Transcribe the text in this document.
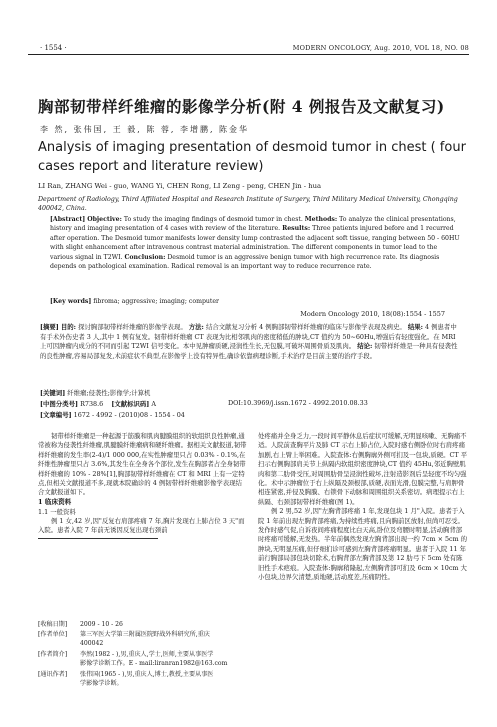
· 1554 ·	MODERN ONCOLOGY, Aug. 2010, VOL 18, NO. 08
胸部韧带样纤维瘤的影像学分析(附 4 例报告及文献复习)
李 然, 张伟国, 王 毅, 陈 蓉, 李增鹏, 陈金华
Analysis of imaging presentation of desmoid tumor in chest ( four cases report and literature review)
LI Ran, ZHANG Wei - guo, WANG Yi, CHEN Rong, LI Zeng - peng, CHEN Jin - hua
Department of Radiology, Third Affiliated Hospital and Research Institute of Surgery, Third Military Medical University, Chongqing 400042, China.
[Abstract] Objective: To study the imaging findings of desmoid tumor in chest. Methods: To analyze the clinical presentations, history and imaging presentation of 4 cases with review of the literature. Results: Three patients injured before and 1 recurred after operation. The Desmoid tumor manifests lower density lump contrasted the adjacent soft tissue, ranging between 50 - 60HU with slight enhancement after intravenous contrast material administration. The different components in tumor lead to the various signal in T2WI. Conclusion: Desmoid tumor is an aggressive benign tumor with high recurrence rate. Its diagnosis depends on pathological examination. Radical removal is an important way to reduce recurrence rate.
[Key words] fibroma; aggressive; imaging; computer
Modern Oncology 2010, 18(08):1554 - 1557
[摘要] 目的: 探讨胸部韧带样纤维瘤的影像学表现。 方法: 结合文献复习分析 4 例胸部韧带样纤维瘤的临床与影像学表现及病史。 结果: 4 例患者中有手术外伤史者 3 人,其中 1 例有复发。韧带样纤维瘤 CT 表现为比相邻肌肉的密度稍低的肿块,CT 值约为 50~60Hu,增强后有轻度强化。在 MRI 上可因肿瘤内成分的不同而引起 T2WI 信号变化。本中见肿瘤质硬,浸润性生长,无包膜,可破坏周围骨质及肌肉。 结论: 韧带样纤维是一种具有侵袭性的良性肿瘤,容易局部复发,术前症状不典型,在影像学上没有特异性,确诊依靠病理诊断,手术治疗是目前主要的治疗手段。
[关键词] 纤维瘤;侵袭性;影像学;计算机
[中图分类号] R738.6 [文献标识码] A	DOI:10.3969/j.issn.1672 - 4992.2010.08.33
[文章编号] 1672 - 4992 - (2010)08 - 1554 - 04
韧带样纤维瘤是一种起源于筋膜和肌肉腱膜组织的软组织良性肿瘤,通常被称为侵袭性纤维瘤,肌腱膜纤维瘤病和硬纤维瘤。据相关文献报道,韧带样纤维瘤的发生率(2-4)/1 000 000,在实性肿瘤里只占 0.03% - 0.1%,在纤维性肿瘤里只占 3.6%,其发生在全身各个部位,发生在胸部者占全身韧带样纤维瘤的 10% - 28%[1],胸部韧带样纤维瘤在 CT 和 MRI 上有一定特点,但相关文献报道不多,现就本院确诊的 4 例韧带样纤维瘤影像学表现结合文献报道如下。
1 临床资料
1.1 一般资料
例 1 女,42 岁,因"反复右肩部疼痛 7 年,胸片发现右上肺占位 3 天"而入院。患者入院 7 年前无诱因反复出现右颈前
[收稿日期] 2009 - 10 - 26
[作者单位] 第三军医大学第三附属医院野战外科研究所,重庆
400042
[作者简介] 李然(1982 - ),男,重庆人,学士,医师,主要从事医学
影像学诊断工作。E - mail:liranran1982@163.com
[通讯作者] 张伟国(1965 - ),男,重庆人,博士,教授,主要从事医
学影像学诊断。

处疼痛并全身乏力,一段时间平静休息后症状可缓解,无明显咳嗽、无胸痛不适。人院前查胸平片及肺 CT 示右上肺占位,入院时感右侧卧位时右肩疼痛加剧,右上臂上举困难。入院查体:右侧胸廓外侧可扪及一包块,质硬。CT 平扫示右侧胸部肩关节上纵隔内软组织密度肿块,CT 值约 45Hu,邻近胸壁肌肉和第二肋骨受压,对周围肋骨呈浸润性破坏,注射造影剂后呈轻度不均匀强化。术中示肿瘤位于右上纵隔及颈根部,质硬,表面光滑,包膜完整,与肩胛骨相连紧密,并侵及胸膜、右锁骨下动脉和周围组织关系密切。病理提示右上纵隔、右颈部韧带样纤维瘤(图 1)。

例 2 男,52 岁,因"左胸背部疼痛 1 年,发现包块 1 月"入院。患者于入院 1 年前出现左胸背部疼痛,为持续性疼痛,且向胸前区放射,但尚可忍受。发作时感气促,自诉夜间疼痛程度比白天高,卧位及弯腰时明显,活动胸背部时疼痛可缓解,无发热。半年前偶然发现左胸背部出现一约 7cm × 5cm 的肿块,无明显压痛,但仔细扪诊可感到左胸背部疼痛明显。患者于入院 11 年前行胸部局部包块切除术,右胸背部左胸背部及第 12 肋弓下 5cm 处有陈旧性手术疤痕。入院查体:胸廓稍隆起,左侧胸背部可扪及 6cm × 10cm 大小包块,边界欠清楚,质地硬,活动度差,压痛阴性。
